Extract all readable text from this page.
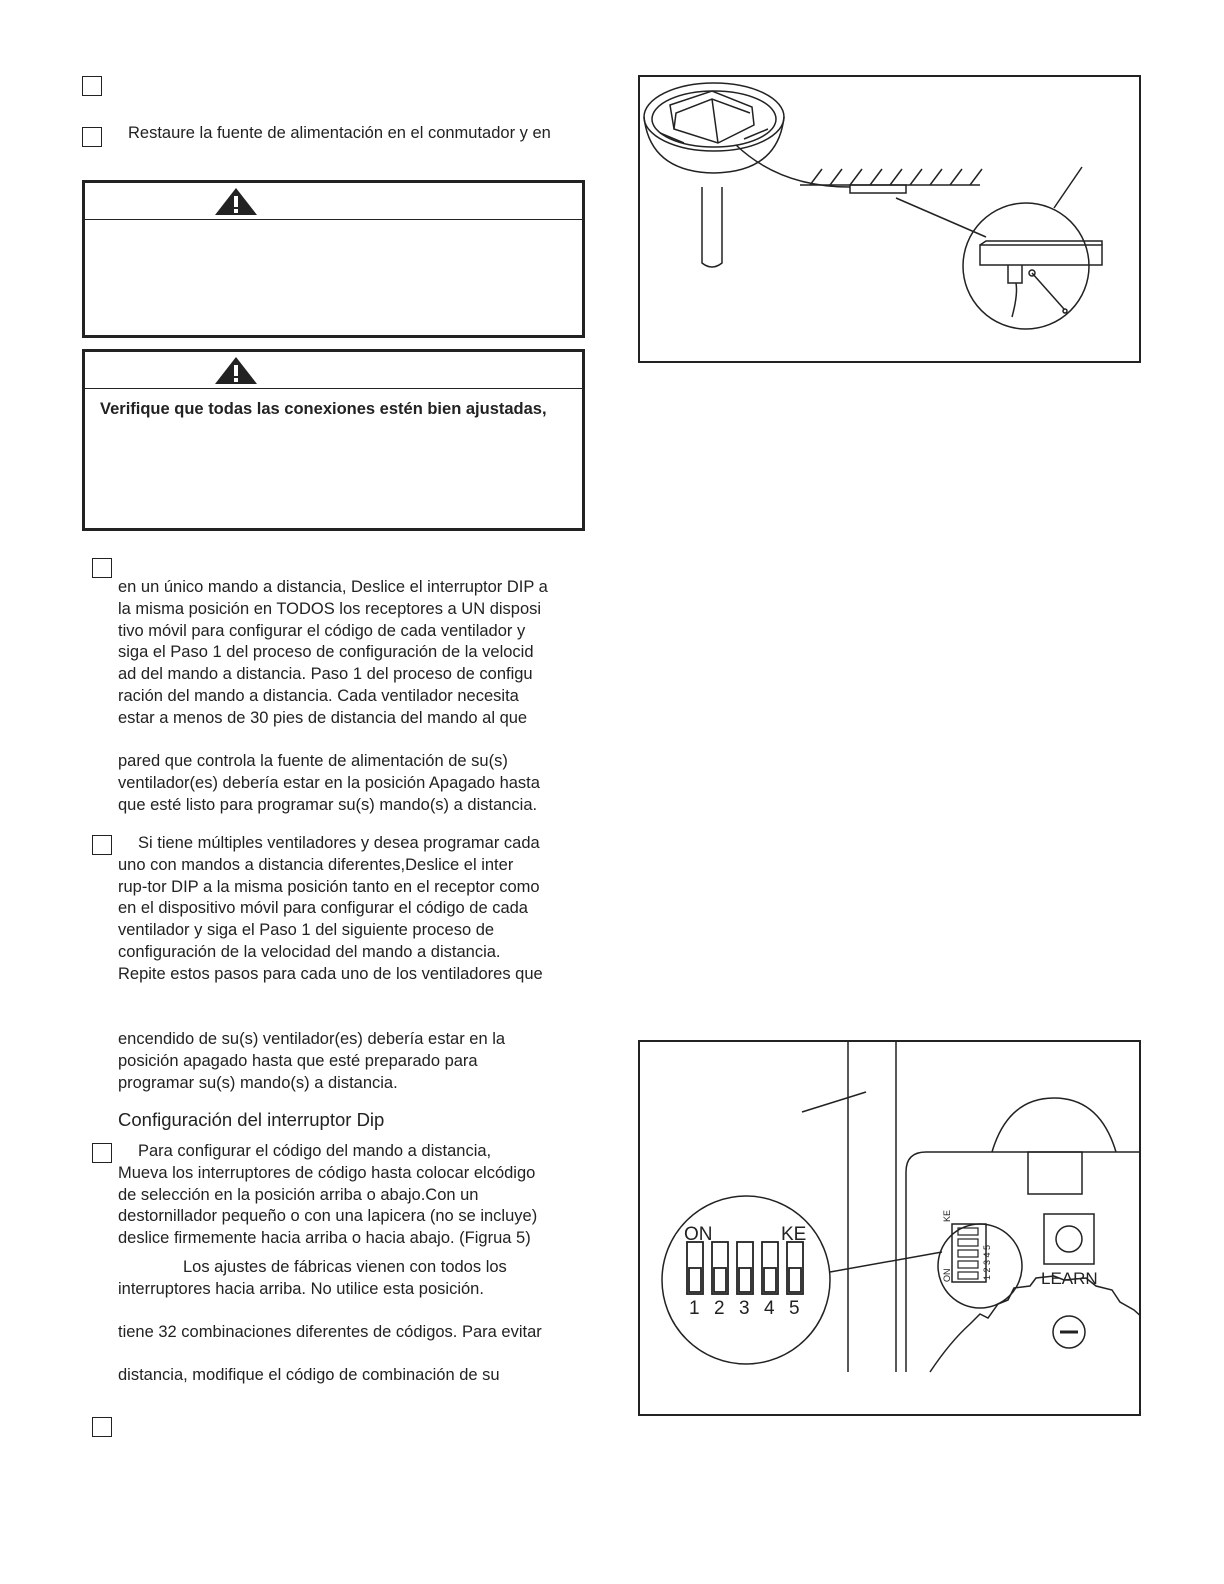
Restaure la fuente de alimentación en el conmutador y en
Verifique que todas las conexiones estén bien ajustadas,
en un único mando a distancia, Deslice el interruptor DIP a
la misma posición en TODOS los receptores a UN disposi
tivo móvil para configurar el código de cada ventilador y
siga el Paso 1 del proceso de configuración de la velocid
ad del mando a distancia. Paso 1 del proceso de configu
ración del mando a distancia. Cada ventilador necesita
estar a menos de 30 pies de distancia del mando al que
pared que controla la fuente de alimentación de su(s)
ventilador(es) debería estar en la posición Apagado hasta
que esté listo para programar su(s) mando(s) a distancia.
Si tiene múltiples ventiladores y desea programar cada
uno con mandos a distancia diferentes,Deslice el inter
rup-tor DIP a la misma posición tanto en el receptor como
en el dispositivo móvil para configurar el código de cada
ventilador y siga el Paso 1 del siguiente proceso de
configuración de la velocidad del mando a distancia.
Repite estos pasos para cada uno de los ventiladores que
encendido de su(s) ventilador(es) debería estar en la
posición apagado hasta que esté preparado para
programar su(s) mando(s) a distancia.
Configuración del interruptor Dip
Para configurar el código del mando a distancia,
Mueva los interruptores de código hasta colocar elcódigo
de selección en la posición arriba o abajo.Con un
destornillador pequeño o con una lapicera (no se incluye)
deslice firmemente hacia arriba o hacia abajo. (Figrua 5)
Los ajustes de fábricas vienen con todos los
interruptores hacia arriba. No utilice esta posición.
tiene 32 combinaciones diferentes de códigos. Para evitar
distancia, modifique el código de combinación de su
ON	KE
1 2 3 4 5
ON
KE
1 2 3 4 5	LEARN
